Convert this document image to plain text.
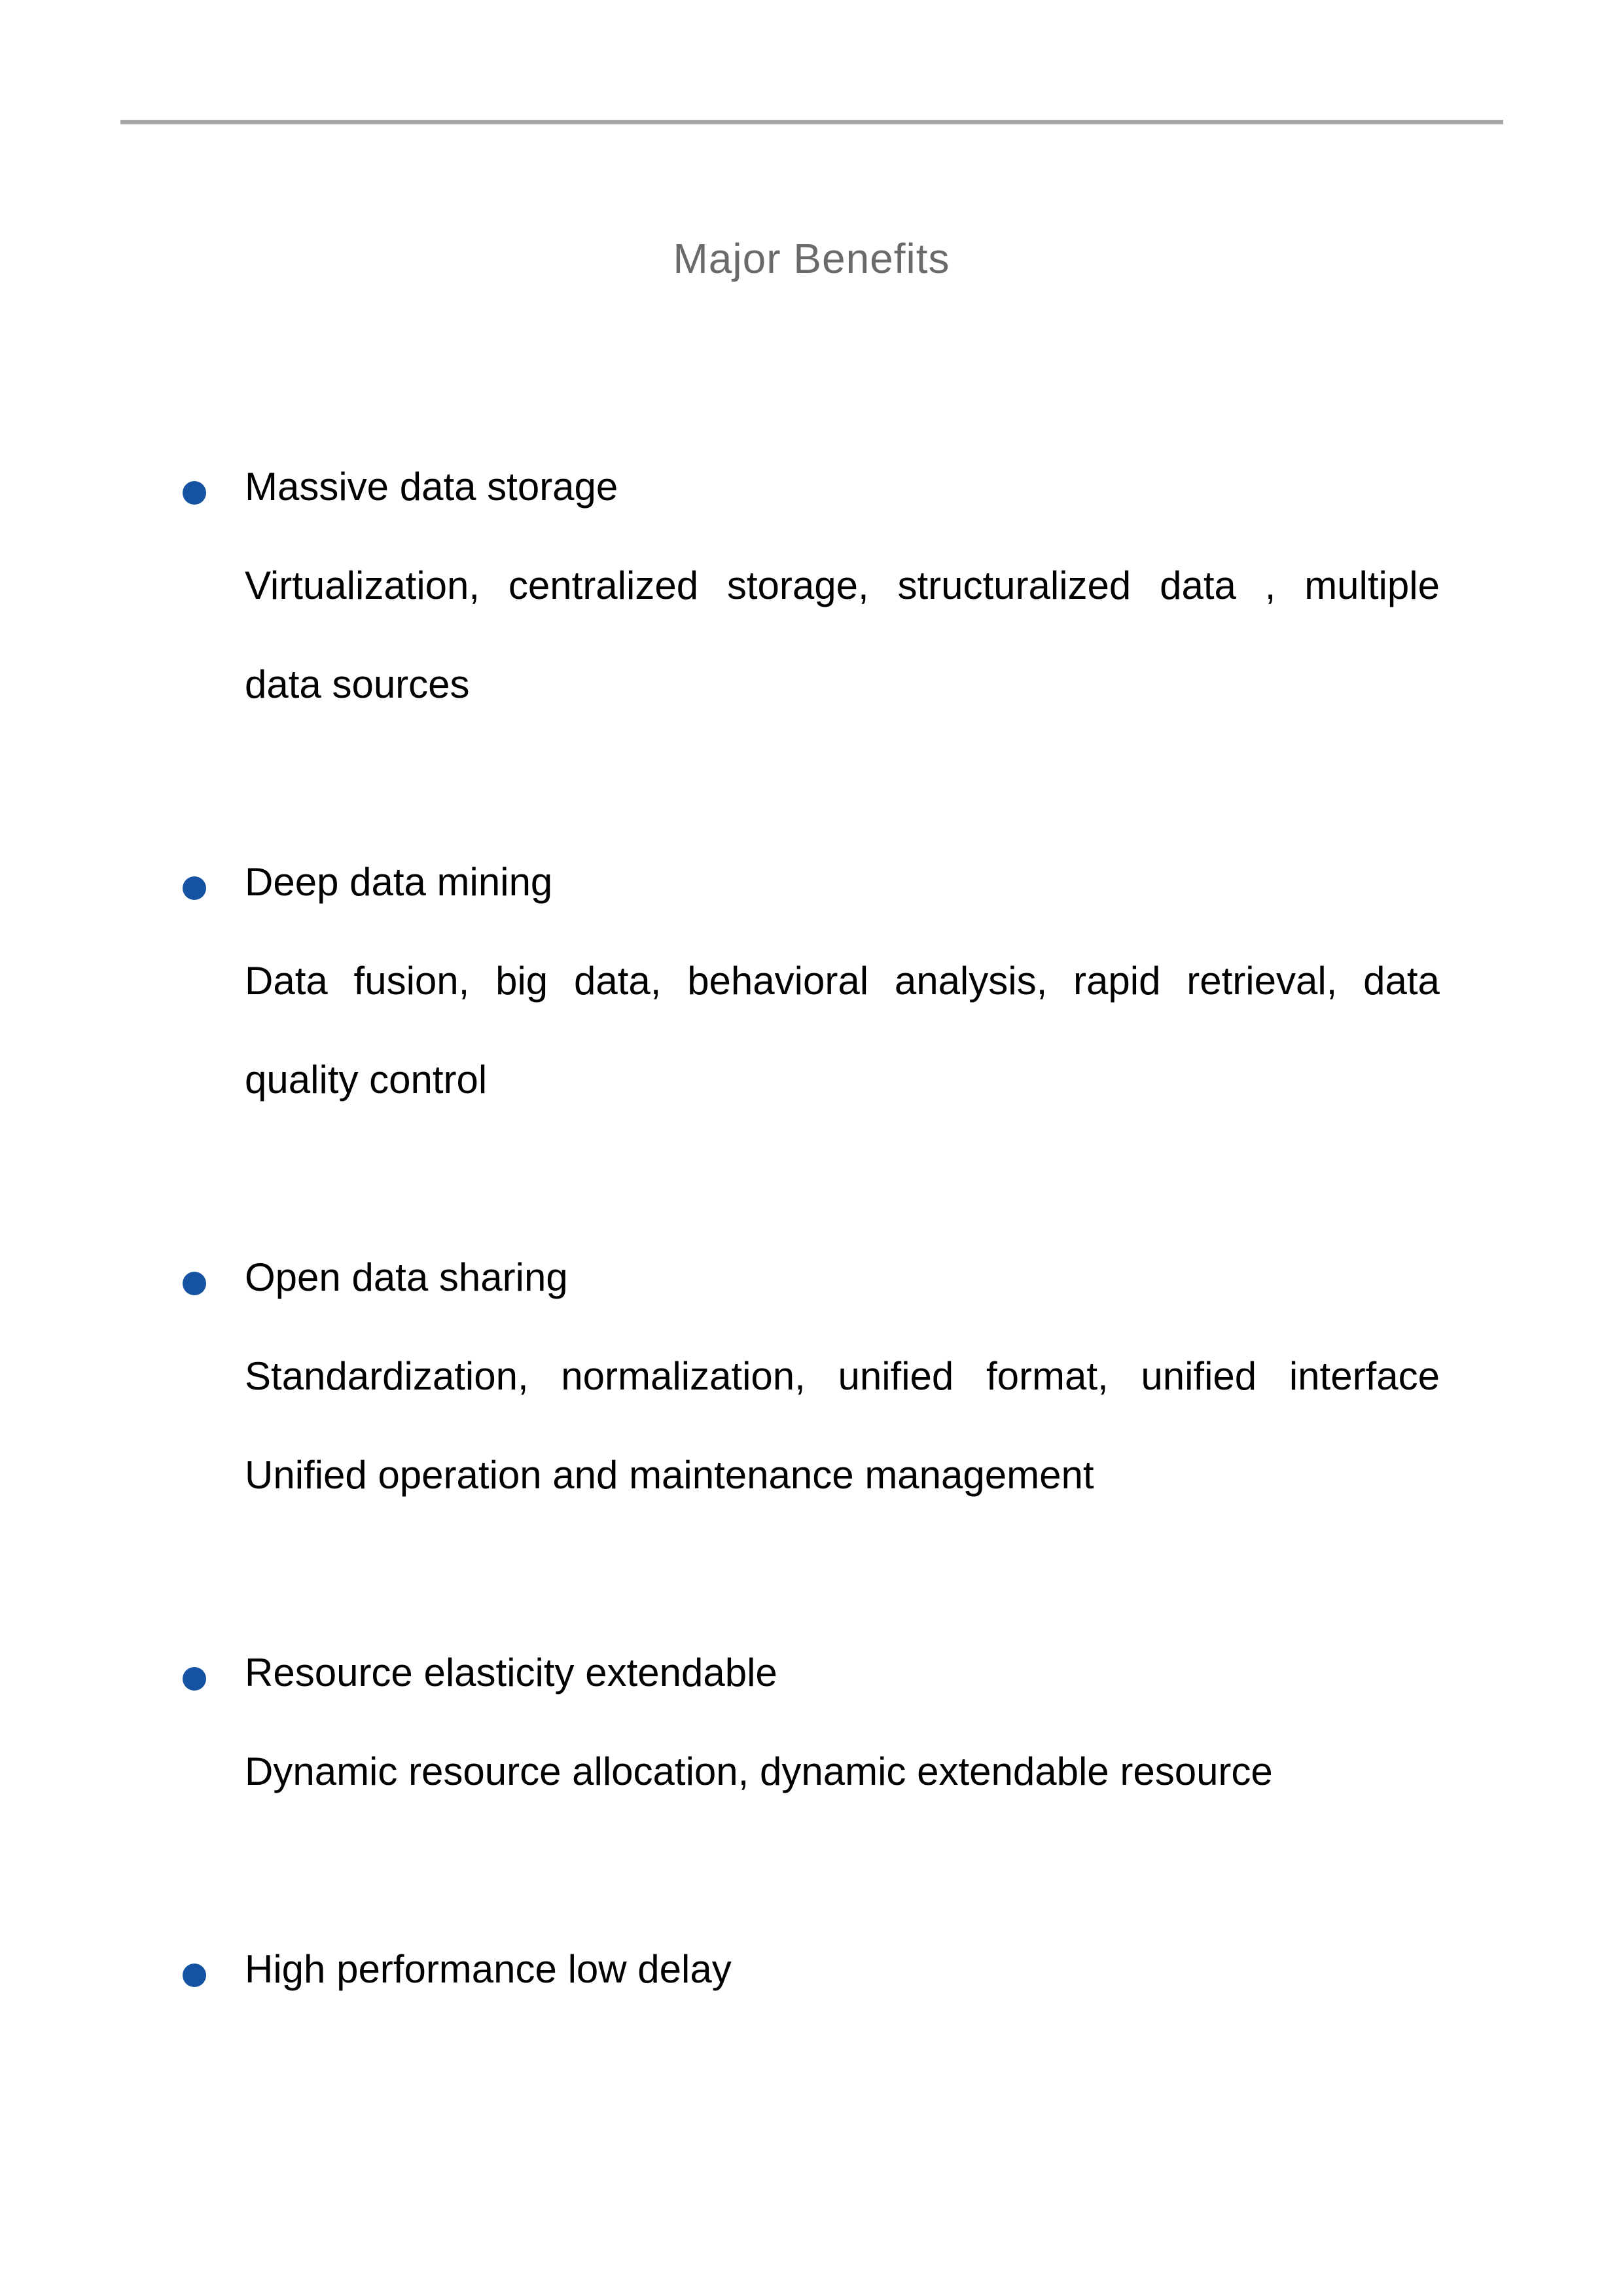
Major Benefits
Massive data storage
Virtualization, centralized storage, structuralized data , multiple
data sources
Deep data mining
Data fusion, big data, behavioral analysis, rapid retrieval, data
quality control
Open data sharing
Standardization, normalization, unified format, unified interface
Unified operation and maintenance management
Resource elasticity extendable
Dynamic resource allocation, dynamic extendable resource
High performance low delay
